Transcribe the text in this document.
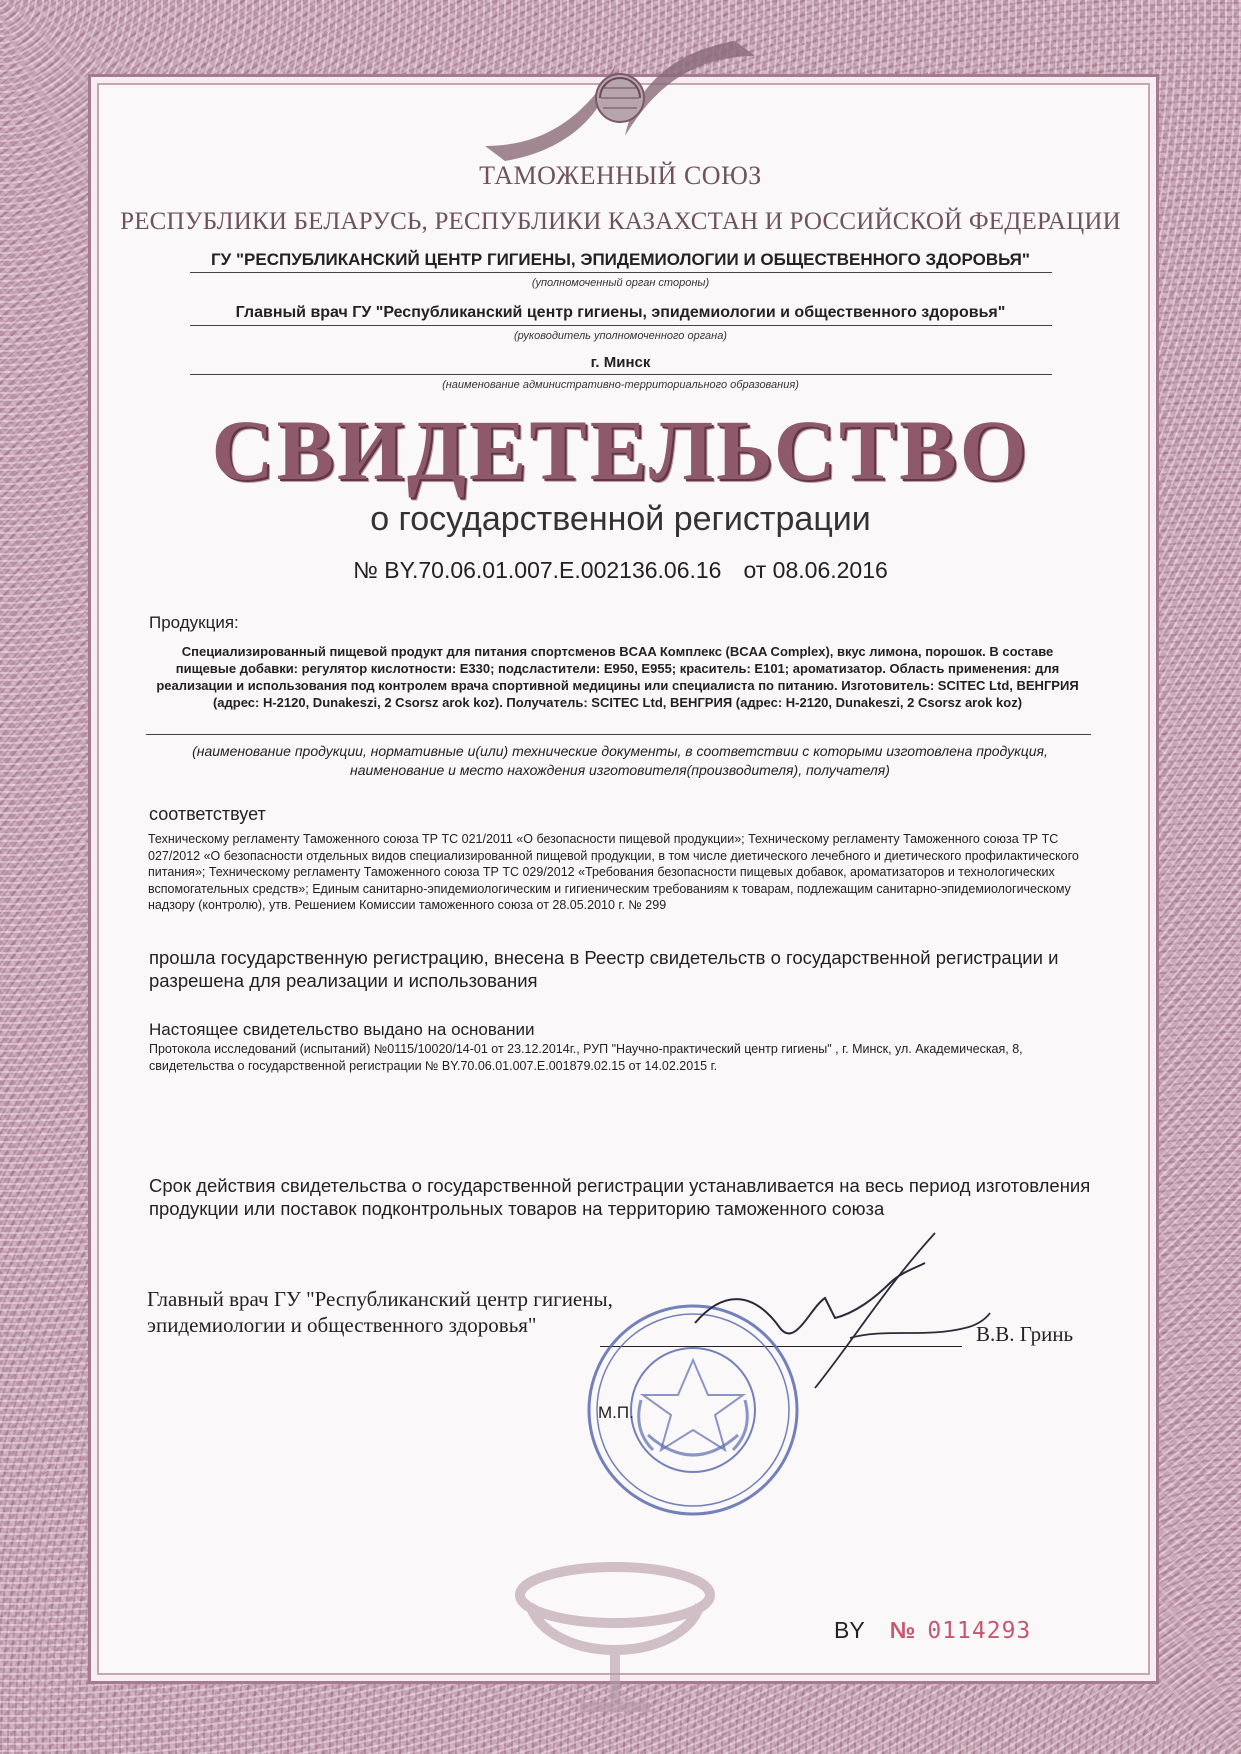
ТАМОЖЕННЫЙ СОЮЗ
РЕСПУБЛИКИ БЕЛАРУСЬ, РЕСПУБЛИКИ КАЗАХСТАН И РОССИЙСКОЙ ФЕДЕРАЦИИ
ГУ "РЕСПУБЛИКАНСКИЙ ЦЕНТР ГИГИЕНЫ, ЭПИДЕМИОЛОГИИ И ОБЩЕСТВЕННОГО ЗДОРОВЬЯ"
(уполномоченный орган стороны)
Главный врач ГУ "Республиканский центр гигиены, эпидемиологии и общественного здоровья"
(руководитель уполномоченного органа)
г. Минск
(наименование административно-территориального образования)
СВИДЕТЕЛЬСТВО
о государственной регистрации
№ BY.70.06.01.007.E.002136.06.16 от 08.06.2016
Продукция:
Специализированный пищевой продукт для питания спортсменов BCAA Комплекс (BCAA Complex), вкус лимона, порошок. В составе пищевые добавки: регулятор кислотности: E330; подсластители: E950, E955; краситель: E101; ароматизатор. Область применения: для реализации и использования под контролем врача спортивной медицины или специалиста по питанию. Изготовитель: SCITEC Ltd, ВЕНГРИЯ (адрес: H-2120, Dunakeszi, 2 Csorsz arok koz). Получатель: SCITEC Ltd, ВЕНГРИЯ (адрес: H-2120, Dunakeszi, 2 Csorsz arok koz)
(наименование продукции, нормативные и(или) технические документы, в соответствии с которыми изготовлена продукция, наименование и место нахождения изготовителя(производителя), получателя)
соответствует
Техническому регламенту Таможенного союза ТР ТС 021/2011 «О безопасности пищевой продукции»; Техническому регламенту Таможенного союза ТР ТС 027/2012 «О безопасности отдельных видов специализированной пищевой продукции, в том числе диетического лечебного и диетического профилактического питания»; Техническому регламенту Таможенного союза ТР ТС 029/2012 «Требования безопасности пищевых добавок, ароматизаторов и технологических вспомогательных средств»; Единым санитарно-эпидемиологическим и гигиеническим требованиям к товарам, подлежащим санитарно-эпидемиологическому надзору (контролю), утв. Решением Комиссии таможенного союза от 28.05.2010 г. № 299
прошла государственную регистрацию, внесена в Реестр свидетельств о государственной регистрации и разрешена для реализации и использования
Настоящее свидетельство выдано на основании
Протокола исследований (испытаний) №0115/10020/14-01 от 23.12.2014г., РУП "Научно-практический центр гигиены" , г. Минск, ул. Академическая, 8, свидетельства о государственной регистрации № BY.70.06.01.007.E.001879.02.15 от 14.02.2015 г.
Срок действия свидетельства о государственной регистрации устанавливается на весь период изготовления продукции или поставок подконтрольных товаров на территорию таможенного союза
Главный врач ГУ "Республиканский центр гигиены, эпидемиологии и общественного здоровья"	В.В. Гринь
М.П.
BY № 0114293
